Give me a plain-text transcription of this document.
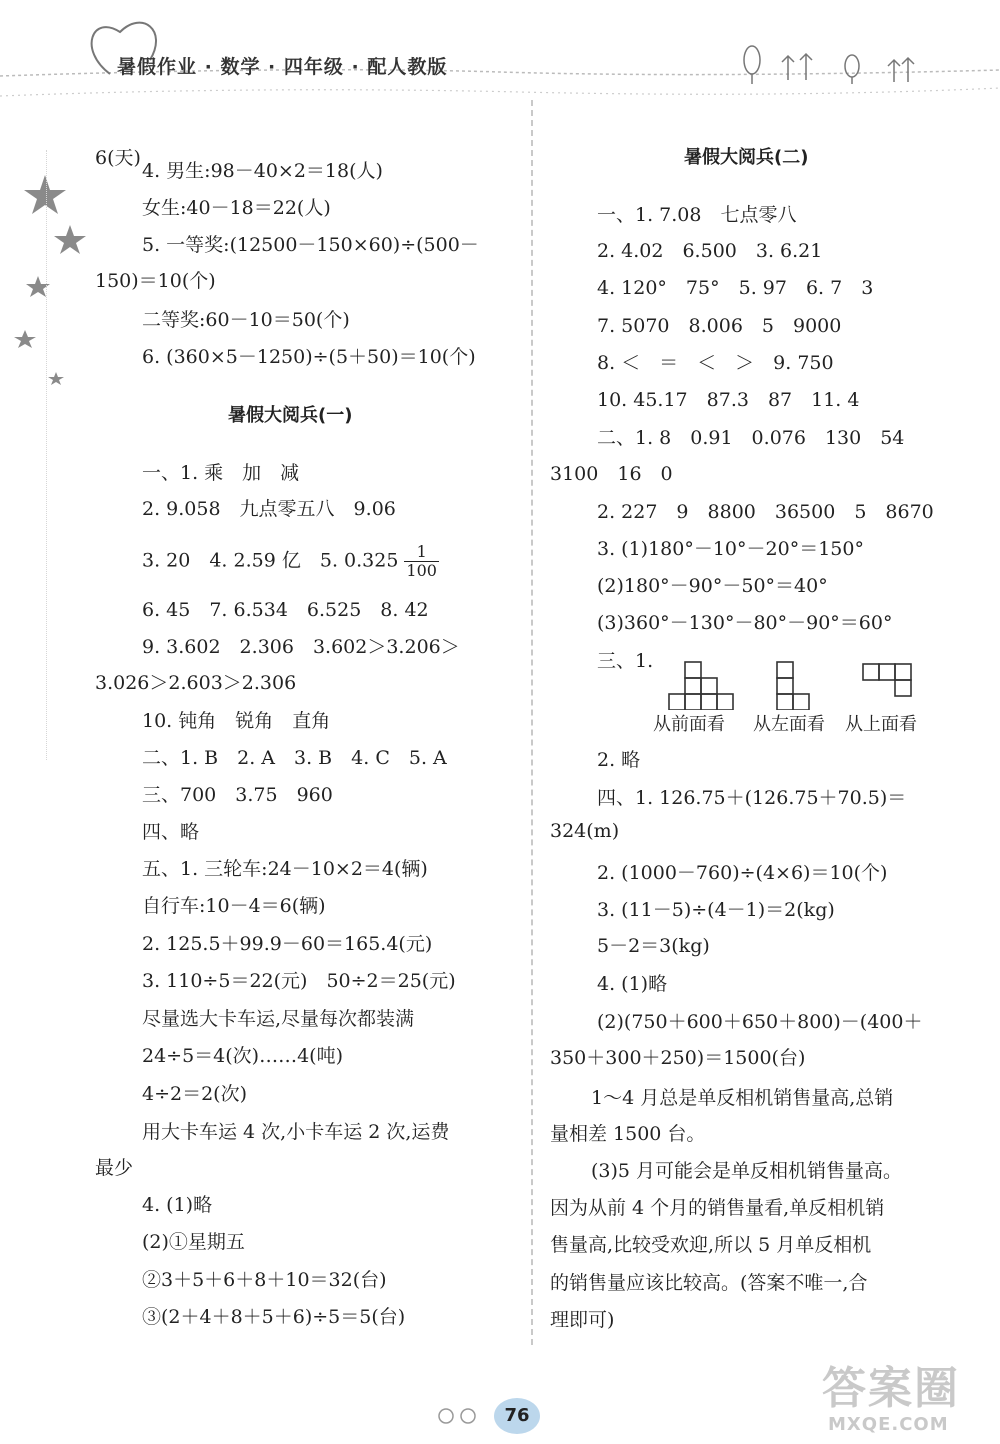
暑假作业 · 数学 · 四年级 · 配人教版
6(天)
4. 男生:98－40×2＝18(人)
女生:40－18＝22(人)
5. 一等奖:(12500－150×60)÷(500－
150)＝10(个)
二等奖:60－10＝50(个)
6. (360×5－1250)÷(5＋50)＝10(个)
暑假大阅兵(一)
一、1. 乘　加　减
2. 9.058　九点零五八　9.06
3. 20　4. 2.59 亿　5. $0.325 \frac{1}{100}$
6. 45　7. 6.534　6.525　8. 42
9. 3.602　2.306　3.602＞3.206＞
3.026＞2.603＞2.306
10. 钝角　锐角　直角
二、1. B　2. A　3. B　4. C　5. A
三、700　3.75　960
四、略
五、1. 三轮车:24－10×2＝4(辆)
自行车:10－4＝6(辆)
2. 125.5＋99.9－60＝165.4(元)
3. 110÷5＝22(元)　50÷2＝25(元)
尽量选大卡车运,尽量每次都装满
24÷5＝4(次)……4(吨)
4÷2＝2(次)
用大卡车运 4 次,小卡车运 2 次,运费
最少
4. (1)略
(2)①星期五
②3＋5＋6＋8＋10＝32(台)
③(2＋4＋8＋5＋6)÷5＝5(台)
暑假大阅兵(二)
一、1. 7.08　七点零八
2. 4.02　6.500　3. 6.21
4. 120°　75°　5. 97　6. 7　3
7. 5070　8.006　5　9000
8. ＜　＝　＜　＞　9. 750
10. 45.17　87.3　87　11. 4
二、1. 8　0.91　0.076　130　54
3100　16　0
2. 227　9　8800　36500　5　8670
3. (1)180°－10°－20°＝150°
(2)180°－90°－50°＝40°
(3)360°－130°－80°－90°＝60°
三、1.
从前面看 从左面看 从上面看
2. 略
四、1. 126.75＋(126.75＋70.5)＝
324(m)
2. (1000－760)÷(4×6)＝10(个)
3. (11－5)÷(4－1)＝2(kg)
5－2＝3(kg)
4. (1)略
(2)(750＋600＋650＋800)－(400＋
350＋300＋250)＝1500(台)
1～4 月总是单反相机销售量高,总销
量相差 1500 台。
(3)5 月可能会是单反相机销售量高。
因为从前 4 个月的销售量看,单反相机销
售量高,比较受欢迎,所以 5 月单反相机
的销售量应该比较高。(答案不唯一,合
理即可)
76
答案圈
MXQE.COM
